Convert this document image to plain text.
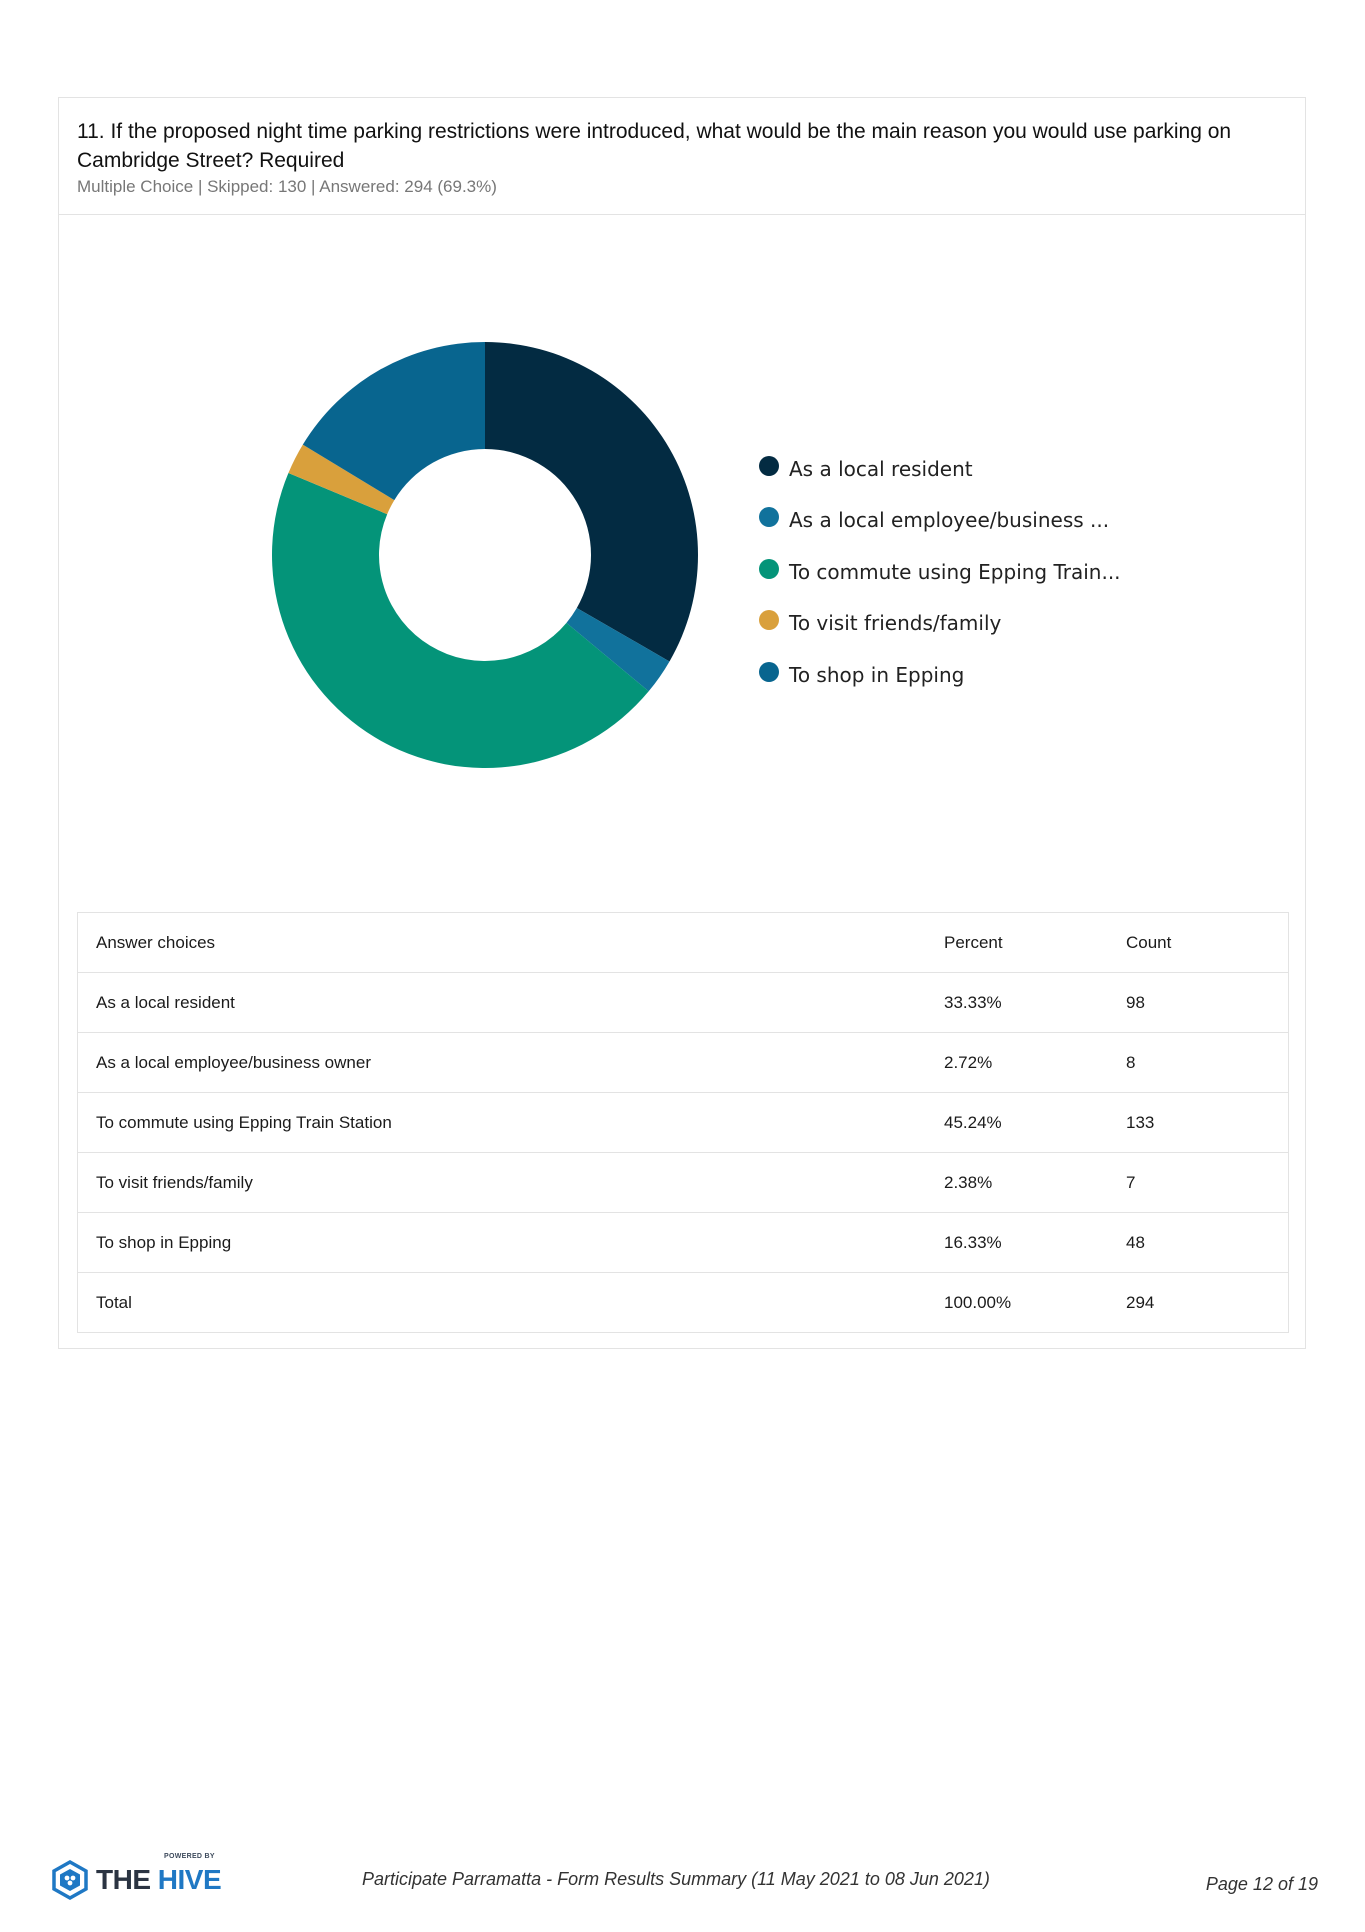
11. If the proposed night time parking restrictions were introduced, what would be the main reason you would use parking on Cambridge Street? Required
Multiple Choice | Skipped: 130 | Answered: 294 (69.3%)
As a local resident
As a local employee/business ...
To commute using Epping Train...
To visit friends/family
To shop in Epping
Answer choices	Percent	Count
As a local resident	33.33%	98
As a local employee/business owner	2.72%	8
To commute using Epping Train Station	45.24%	133
To visit friends/family	2.38%	7
To shop in Epping	16.33%	48
Total	100.00%	294
POWERED BY
THE HIVE	Participate Parramatta - Form Results Summary (11 May 2021 to 08 Jun 2021)	Page 12 of 19
